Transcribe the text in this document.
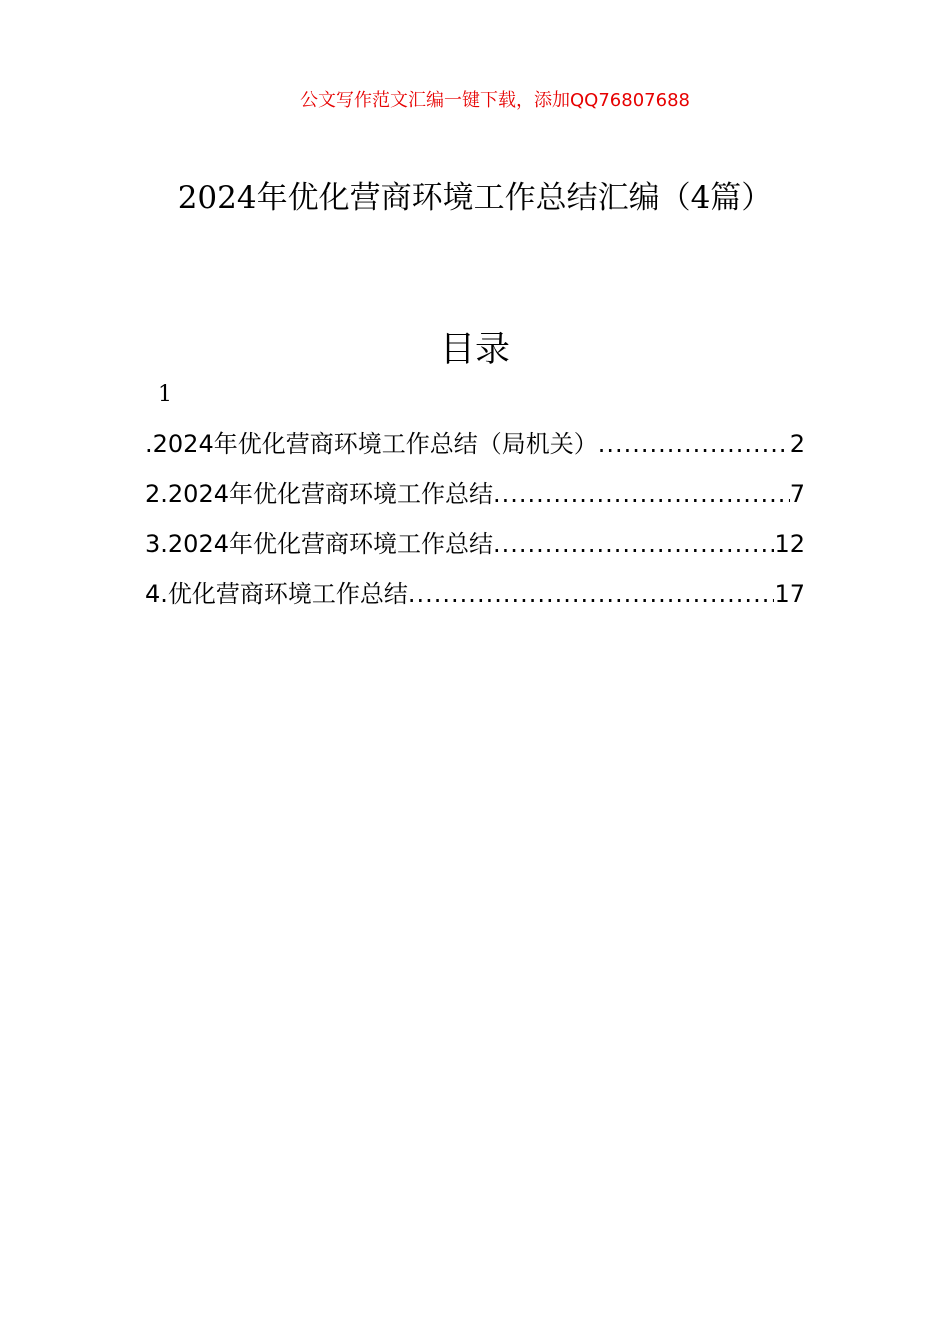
公文写作范文汇编一键下载，添加QQ76807688
2024年优化营商环境工作总结汇编（4篇）
目录
1
.2024年优化营商环境工作总结（局机关） .....	2
2.2024年优化营商环境工作总结 .....	7
3.2024年优化营商环境工作总结 .....	12
4.优化营商环境工作总结 .....	17
